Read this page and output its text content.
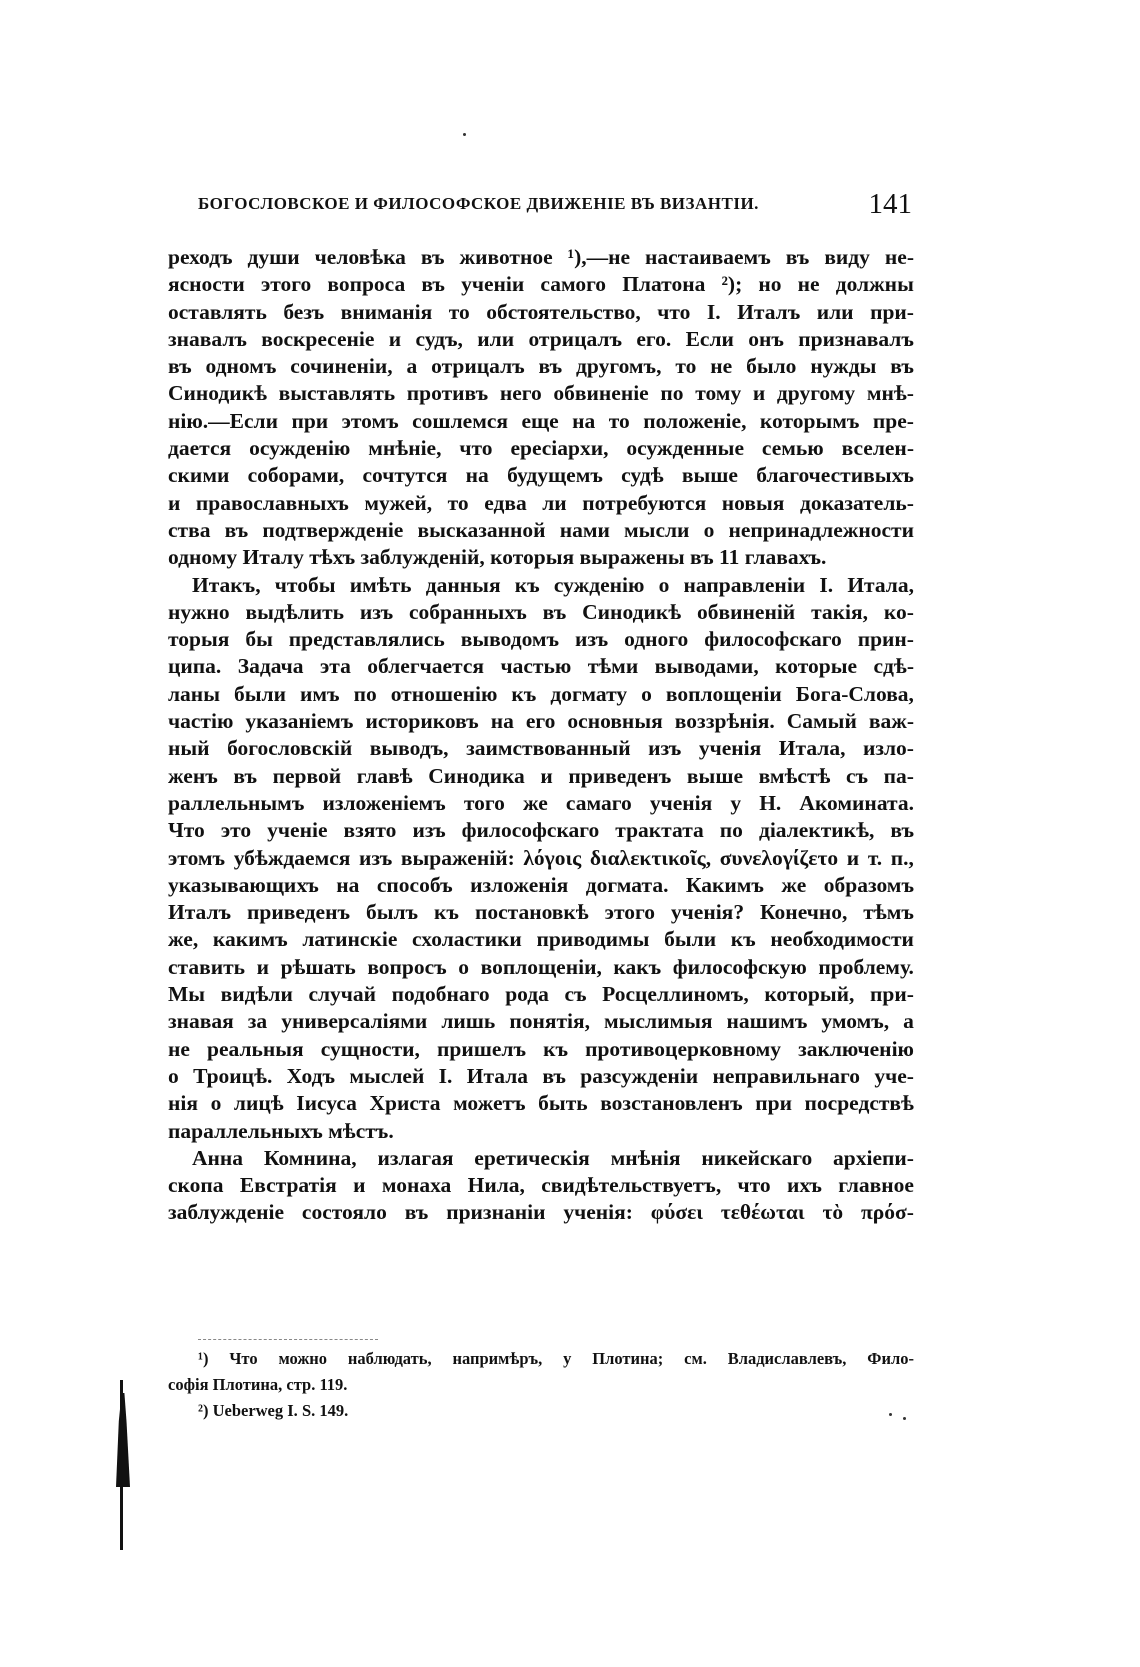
БОГОСЛОВСКОЕ И ФИЛОСОФСКОЕ ДВИЖЕНІЕ ВЪ ВИЗАНТІИ.	141
реходъ души человѣка въ животное ¹),—не настаиваемъ въ виду не-
ясности этого вопроса въ ученіи самого Платона ²); но не должны
оставлять безъ вниманія то обстоятельство, что І. Италъ или при-
знавалъ воскресеніе и судъ, или отрицалъ его. Если онъ признавалъ
въ одномъ сочиненіи, а отрицалъ въ другомъ, то не было нужды въ
Синодикѣ выставлять противъ него обвиненіе по тому и другому мнѣ-
нію.—Если при этомъ сошлемся еще на то положеніе, которымъ пре-
дается осужденію мнѣніе, что ересіархи, осужденные семью вселен-
скими соборами, сочтутся на будущемъ судѣ выше благочестивыхъ
и православныхъ мужей, то едва ли потребуются новыя доказатель-
ства въ подтвержденіе высказанной нами мысли о непринадлежности
одному Италу тѣхъ заблужденій, которыя выражены въ 11 главахъ.
Итакъ, чтобы имѣть данныя къ сужденію о направленіи І. Итала,
нужно выдѣлить изъ собранныхъ въ Синодикѣ обвиненій такія, ко-
торыя бы представлялись выводомъ изъ одного философскаго прин-
ципа. Задача эта облегчается частью тѣми выводами, которые сдѣ-
ланы были имъ по отношенію къ догмату о воплощеніи Бога-Слова,
частію указаніемъ историковъ на его основныя воззрѣнія. Самый важ-
ный богословскій выводъ, заимствованный изъ ученія Итала, изло-
женъ въ первой главѣ Синодика и приведенъ выше вмѣстѣ съ па-
раллельнымъ изложеніемъ того же самаго ученія у Н. Акомината.
Что это ученіе взято изъ философскаго трактата по діалектикѣ, въ
этомъ убѣждаемся изъ выраженій: λόγοις διαλεκτικοῖς, συνελογίζετο и т. п.,
указывающихъ на способъ изложенія догмата. Какимъ же образомъ
Италъ приведенъ былъ къ постановкѣ этого ученія? Конечно, тѣмъ
же, какимъ латинскіе схоластики приводимы были къ необходимости
ставить и рѣшать вопросъ о воплощеніи, какъ философскую проблему.
Мы видѣли случай подобнаго рода съ Росцеллиномъ, который, при-
знавая за универсаліями лишь понятія, мыслимыя нашимъ умомъ, а
не реальныя сущности, пришелъ къ противоцерковному заключенію
о Троицѣ. Ходъ мыслей І. Итала въ разсужденіи неправильнаго уче-
нія о лицѣ Іисуса Христа можетъ быть возстановленъ при посредствѣ
параллельныхъ мѣстъ.
Анна Комнина, излагая еретическія мнѣнія никейскаго архіепи-
скопа Евстратія и монаха Нила, свидѣтельствуетъ, что ихъ главное
заблужденіе состояло въ признаніи ученія: φύσει τεθέωται τὸ πρόσ-
¹) Что можно наблюдать, напримѣръ, у Плотина; см. Владиславлевъ, Фило-
софія Плотина, стр. 119.
²) Ueberweg I. S. 149.
